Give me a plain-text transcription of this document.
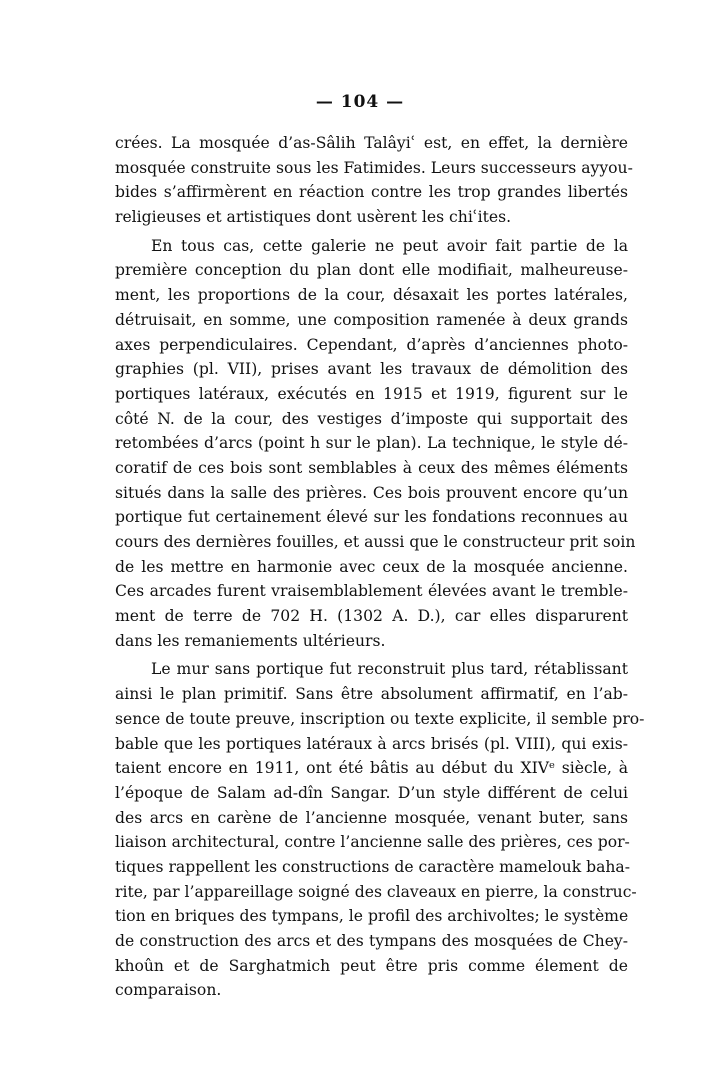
— 104 —
crées. La mosquée d’as-Sâlih Talâyiʿ est, en effet, la dernière
mosquée construite sous les Fatimides. Leurs successeurs ayyou-
bides s’affirmèrent en réaction contre les trop grandes libertés
religieuses et artistiques dont usèrent les chiʿites.
En tous cas, cette galerie ne peut avoir fait partie de la
première conception du plan dont elle modifiait, malheureuse-
ment, les proportions de la cour, désaxait les portes latérales,
détruisait, en somme, une composition ramenée à deux grands
axes perpendiculaires. Cependant, d’après d’anciennes photo-
graphies (pl. VII), prises avant les travaux de démolition des
portiques latéraux, exécutés en 1915 et 1919, figurent sur le
côté N. de la cour, des vestiges d’imposte qui supportait des
retombées d’arcs (point h sur le plan). La technique, le style dé-
coratif de ces bois sont semblables à ceux des mêmes éléments
situés dans la salle des prières. Ces bois prouvent encore qu’un
portique fut certainement élevé sur les fondations reconnues au
cours des dernières fouilles, et aussi que le constructeur prit soin
de les mettre en harmonie avec ceux de la mosquée ancienne.
Ces arcades furent vraisemblablement élevées avant le tremble-
ment de terre de 702 H. (1302 A. D.), car elles disparurent
dans les remaniements ultérieurs.
Le mur sans portique fut reconstruit plus tard, rétablissant
ainsi le plan primitif. Sans être absolument affirmatif, en l’ab-
sence de toute preuve, inscription ou texte explicite, il semble pro-
bable que les portiques latéraux à arcs brisés (pl. VIII), qui exis-
taient encore en 1911, ont été bâtis au début du XIVᵉ siècle, à
l’époque de Salam ad-dîn Sangar. D’un style différent de celui
des arcs en carène de l’ancienne mosquée, venant buter, sans
liaison architectural, contre l’ancienne salle des prières, ces por-
tiques rappellent les constructions de caractère mamelouk baha-
rite, par l’appareillage soigné des claveaux en pierre, la construc-
tion en briques des tympans, le profil des archivoltes; le système
de construction des arcs et des tympans des mosquées de Chey-
khoûn et de Sarghatmich peut être pris comme élement de
comparaison.
